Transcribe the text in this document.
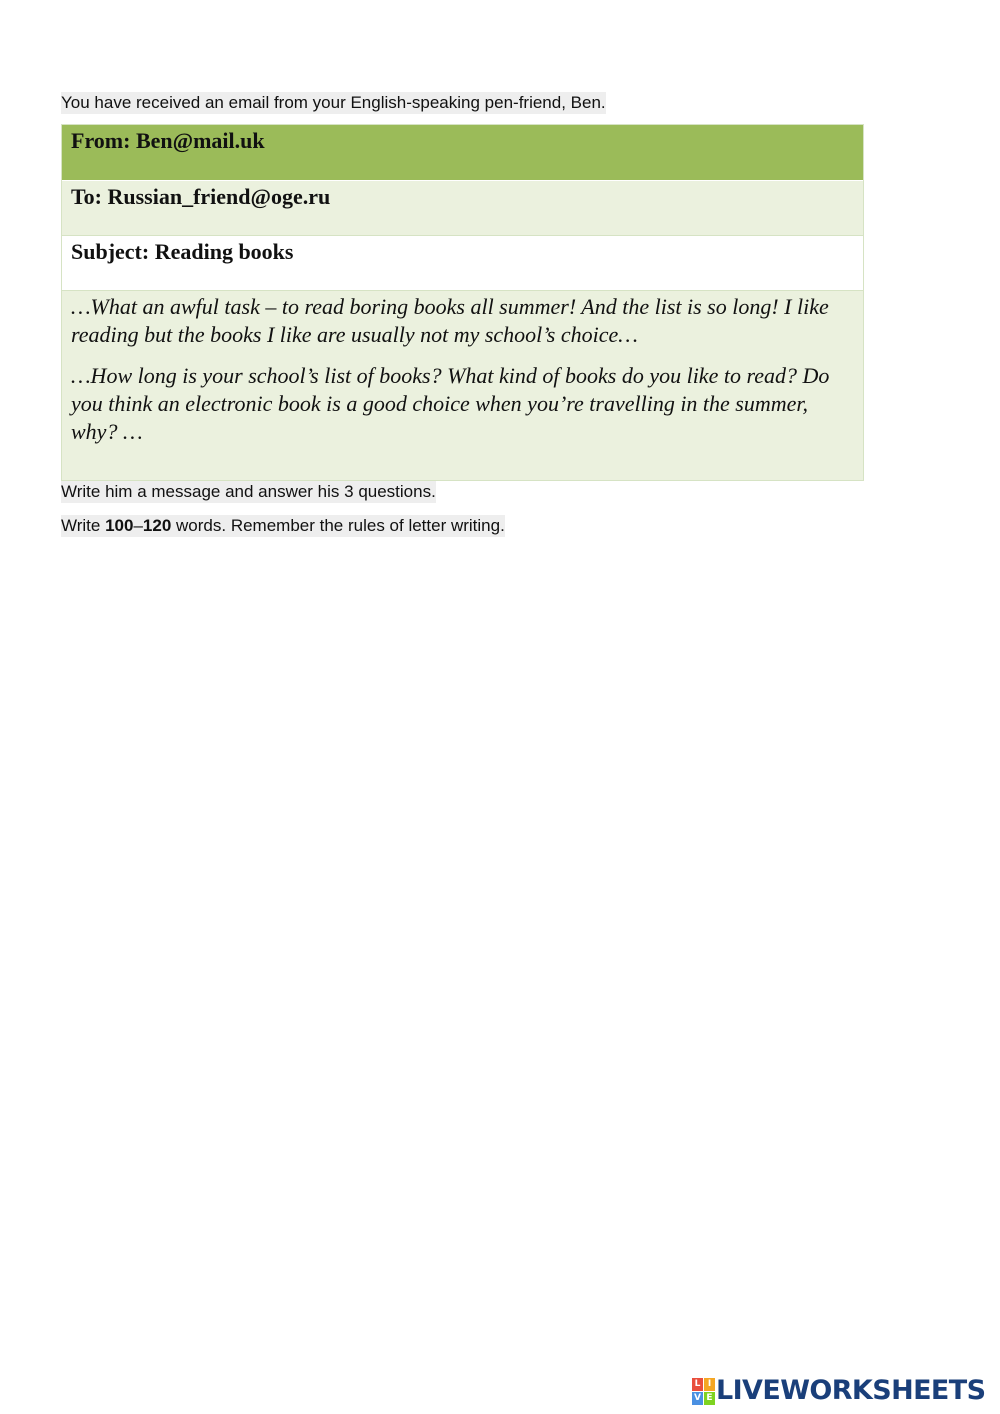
You have received an email from your English-speaking pen-friend, Ben.
From: Ben@mail.uk
To: Russian_friend@oge.ru
Subject: Reading books

…What an awful task – to read boring books all summer! And the list is so long! I like reading but the books I like are usually not my school’s choice…

…How long is your school’s list of books? What kind of books do you like to read? Do you think an electronic book is a good choice when you’re travelling in the summer, why? …

Write him a message and answer his 3 questions.
Write 100–120 words. Remember the rules of letter writing.
L I
V E LIVEWORKSHEETS
